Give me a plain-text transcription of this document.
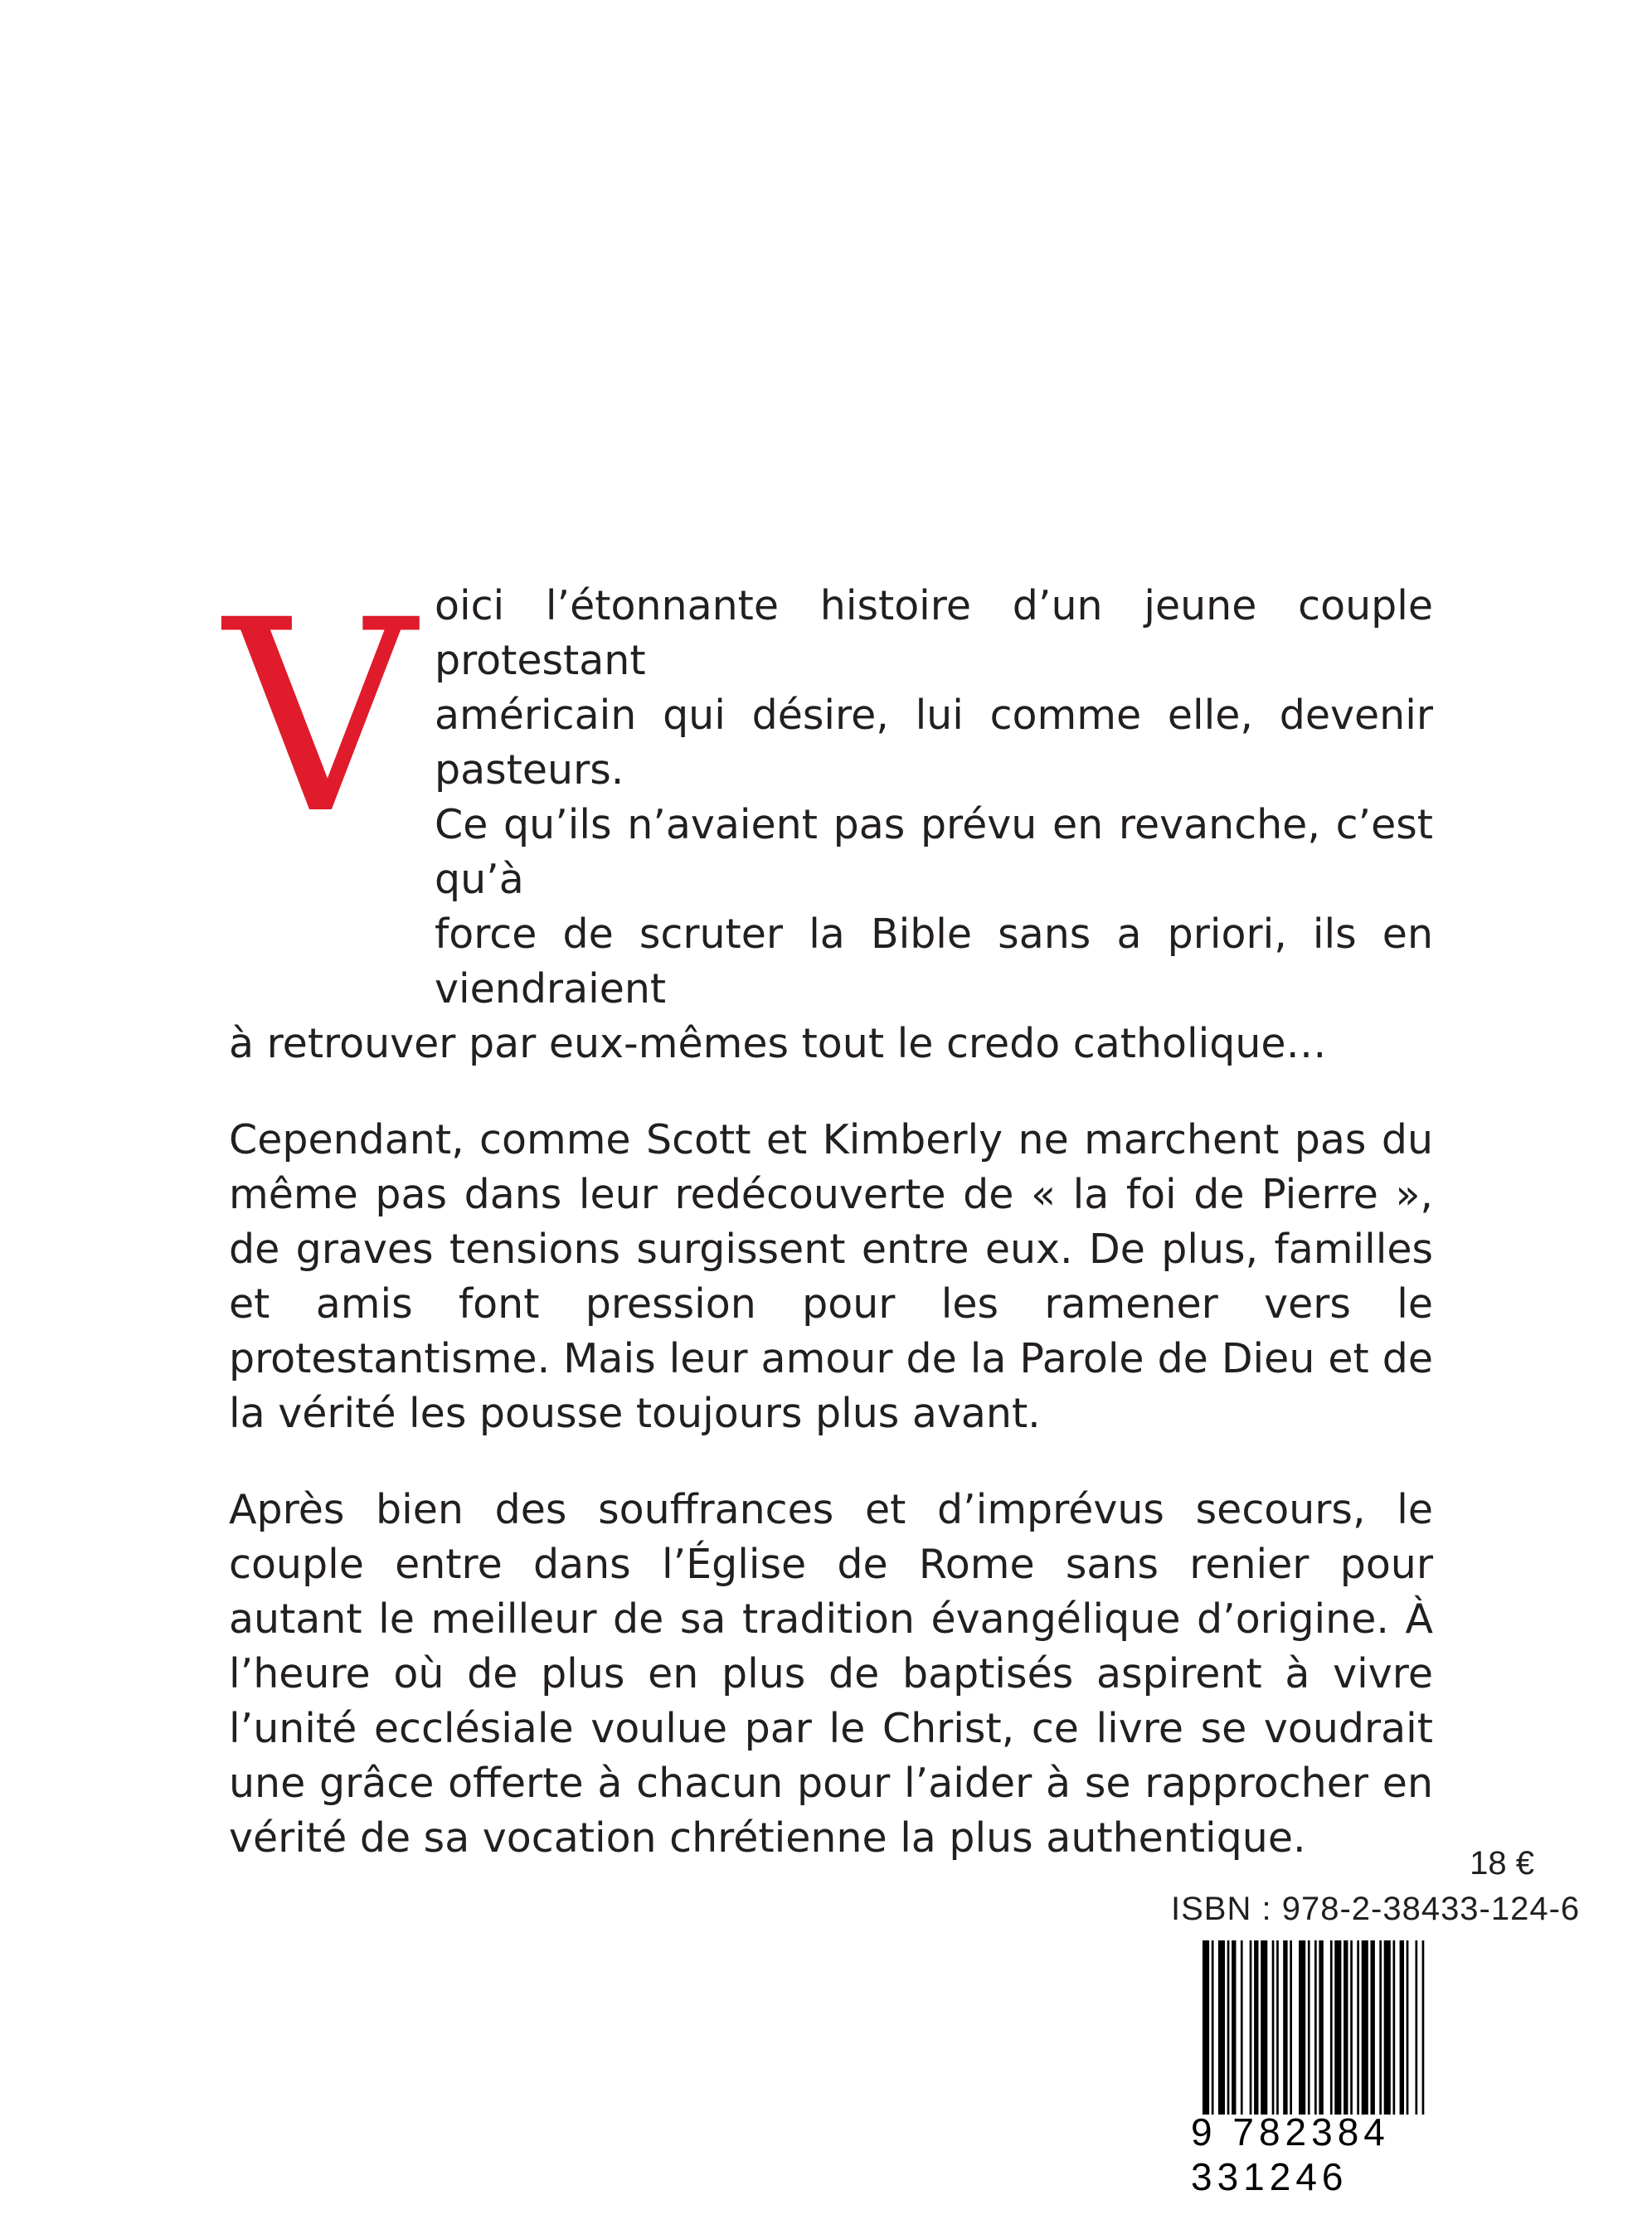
V oici l’étonnante histoire d’un jeune couple protestant
américain qui désire, lui comme elle, devenir pasteurs.
Ce qu’ils n’avaient pas prévu en revanche, c’est qu’à
force de scruter la Bible sans a priori, ils en viendraient
à retrouver par eux-mêmes tout le credo catholique…

Cependant, comme Scott et Kimberly ne marchent pas du même pas dans leur redécouverte de « la foi de Pierre », de graves tensions surgissent entre eux. De plus, familles et amis font pression pour les ramener vers le protestantisme. Mais leur amour de la Parole de Dieu et de la vérité les pousse toujours plus avant.

Après bien des souffrances et d’imprévus secours, le couple entre dans l’Église de Rome sans renier pour autant le meilleur de sa tradition évangélique d’origine. À l’heure où de plus en plus de baptisés aspirent à vivre l’unité ecclésiale voulue par le Christ, ce livre se voudrait une grâce offerte à chacun pour l’aider à se rapprocher en vérité de sa vocation chrétienne la plus authentique.

18 €
ISBN : 978-2-38433-124-6
9 782384 331246
